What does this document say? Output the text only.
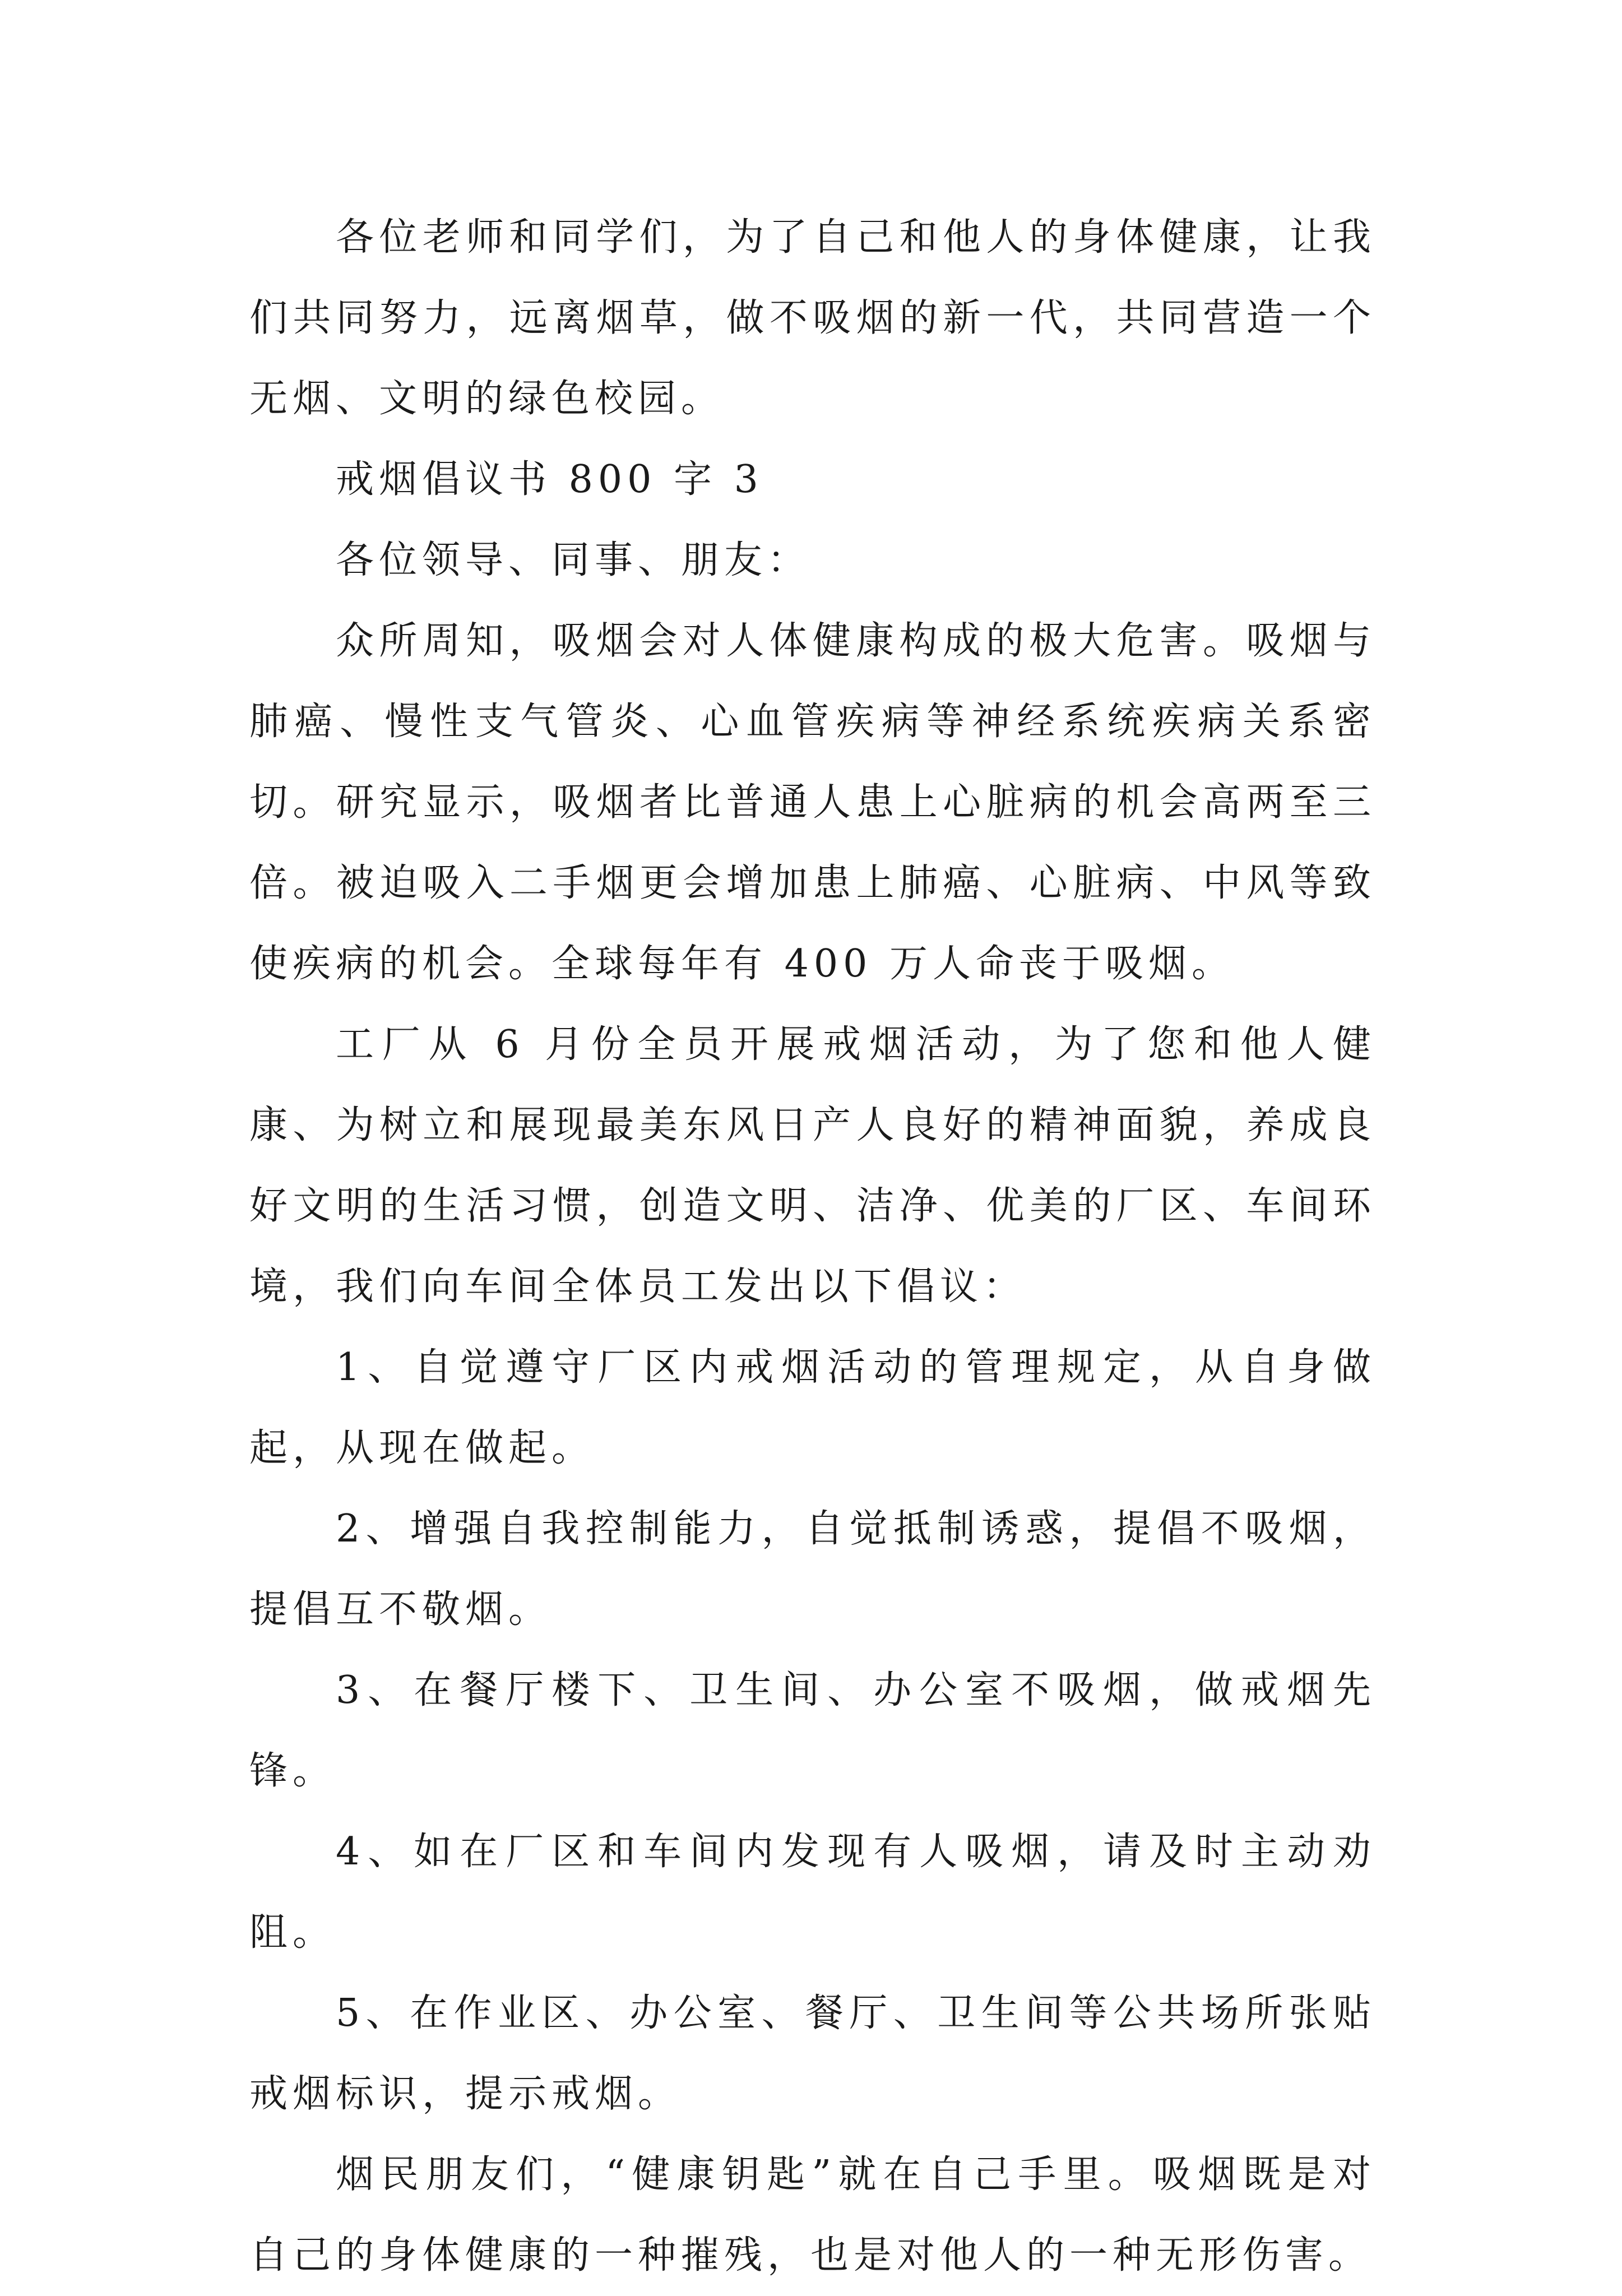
各位老师和同学们，为了自己和他人的身体健康，让我们共同努力，远离烟草，做不吸烟的新一代，共同营造一个无烟、文明的绿色校园。

戒烟倡议书 800 字 3

各位领导、同事、朋友：

众所周知，吸烟会对人体健康构成的极大危害。吸烟与肺癌、慢性支气管炎、心血管疾病等神经系统疾病关系密切。研究显示，吸烟者比普通人患上心脏病的机会高两至三倍。被迫吸入二手烟更会增加患上肺癌、心脏病、中风等致使疾病的机会。全球每年有 400 万人命丧于吸烟。

工厂从 6 月份全员开展戒烟活动，为了您和他人健康、为树立和展现最美东风日产人良好的精神面貌，养成良好文明的生活习惯，创造文明、洁净、优美的厂区、车间环境，我们向车间全体员工发出以下倡议：

1、自觉遵守厂区内戒烟活动的管理规定，从自身做起，从现在做起。

2、增强自我控制能力，自觉抵制诱惑，提倡不吸烟，提倡互不敬烟。

3、在餐厅楼下、卫生间、办公室不吸烟，做戒烟先锋。

4、如在厂区和车间内发现有人吸烟，请及时主动劝阻。

5、在作业区、办公室、餐厅、卫生间等公共场所张贴戒烟标识，提示戒烟。

烟民朋友们，“健康钥匙”就在自己手里。吸烟既是对自己的身体健康的一种摧残，也是对他人的一种无形伤害。
